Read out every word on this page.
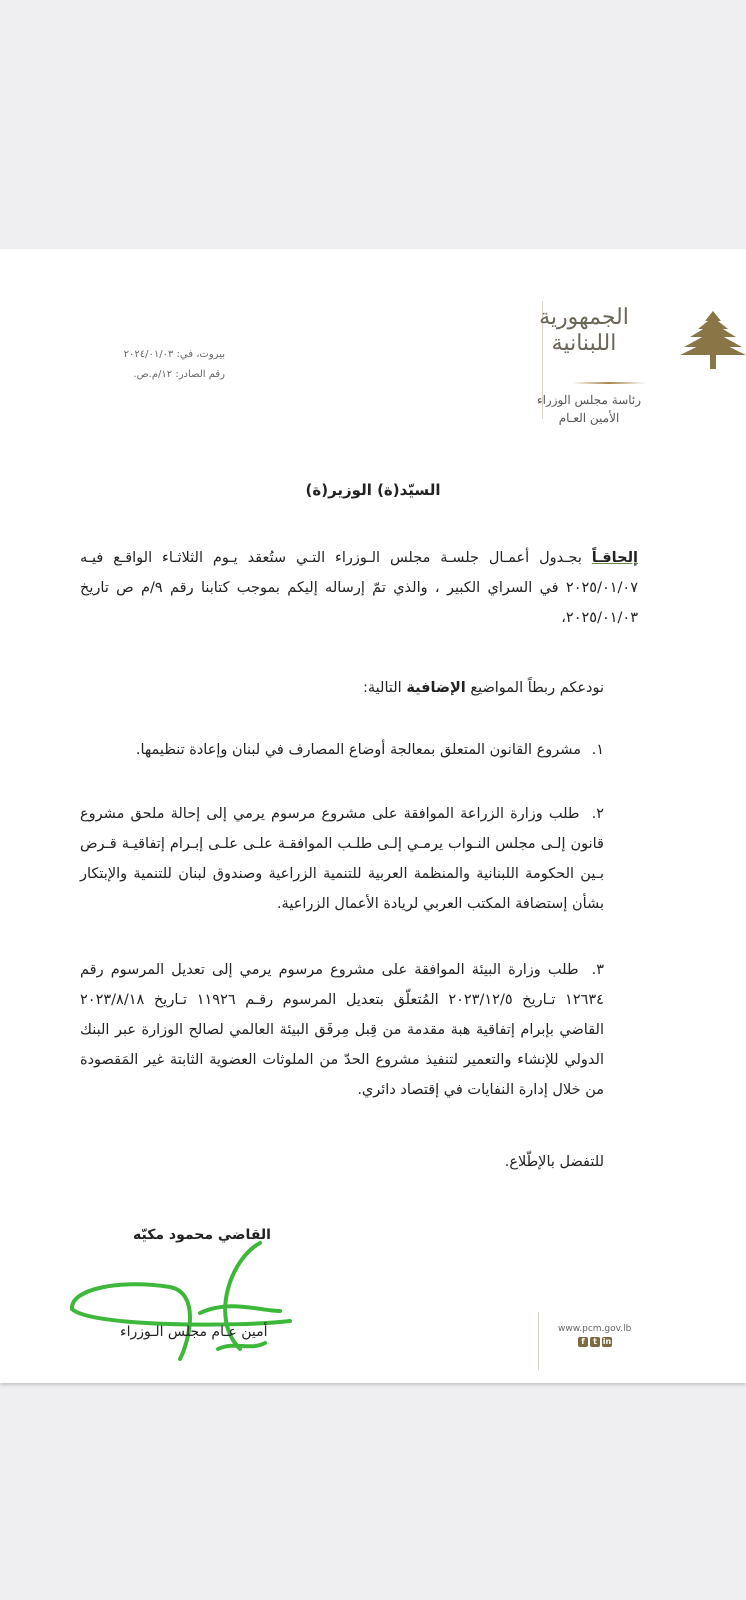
الجمهورية
اللبنانية
رئاسة مجلس الوزراء
الأمين العـام
بيروت، في: ٢٠٢٤/٠١/٠٣
رقم الصادر: ١٢/م.ص.
السيّد(ة) الوزير(ة)
إلحاقـاً بجـدول أعمـال جلسـة مجلس الـوزراء التـي ستُعقد يـوم الثلاثـاء الواقـع فيـه ٢٠٢٥/٠١/٠٧ في السراي الكبير ، والذي تمّ إرساله إليكم بموجب كتابنا رقم ٩/م ص تاريخ ٢٠٢٥/٠١/٠٣،
نودعكم ربطاً المواضيع الإضافية التالية:
١. مشروع القانون المتعلق بمعالجة أوضاع المصارف في لبنان وإعادة تنظيمها.
٢. طلب وزارة الزراعة الموافقة على مشروع مرسوم يرمي إلى إحالة ملحق مشروع قانون إلـى مجلس النـواب يرمـي إلـى طلـب الموافقـة علـى علـى إبـرام إتفاقيـة قـرض بـين الحكومة اللبنانية والمنظمة العربية للتنمية الزراعية وصندوق لبنان للتنمية والإبتكار بشأن إستضافة المكتب العربي لريادة الأعمال الزراعية.
٣. طلب وزارة البيئة الموافقة على مشروع مرسوم يرمي إلى تعديل المرسوم رقم ١٢٦٣٤ تـاريخ ٢٠٢٣/١٢/٥ المُتعلّق بتعديل المرسوم رقـم ١١٩٢٦ تـاريخ ٢٠٢٣/٨/١٨ القاضي بإبرام إتفاقية هبة مقدمة من قِبل مِرفَق البيئة العالمي لصالح الوزارة عبر البنك الدولي للإنشاء والتعمير لتنفيذ مشروع الحدّ من الملوثات العضوية الثابتة غير المَقصودة من خلال إدارة النفايات في إقتصاد دائري.
للتفضل بالإطّلاع.
القاضي محمود مكيّه
أمين عـام مجلس الـوزراء	www.pcm.gov.lb
f	t in
